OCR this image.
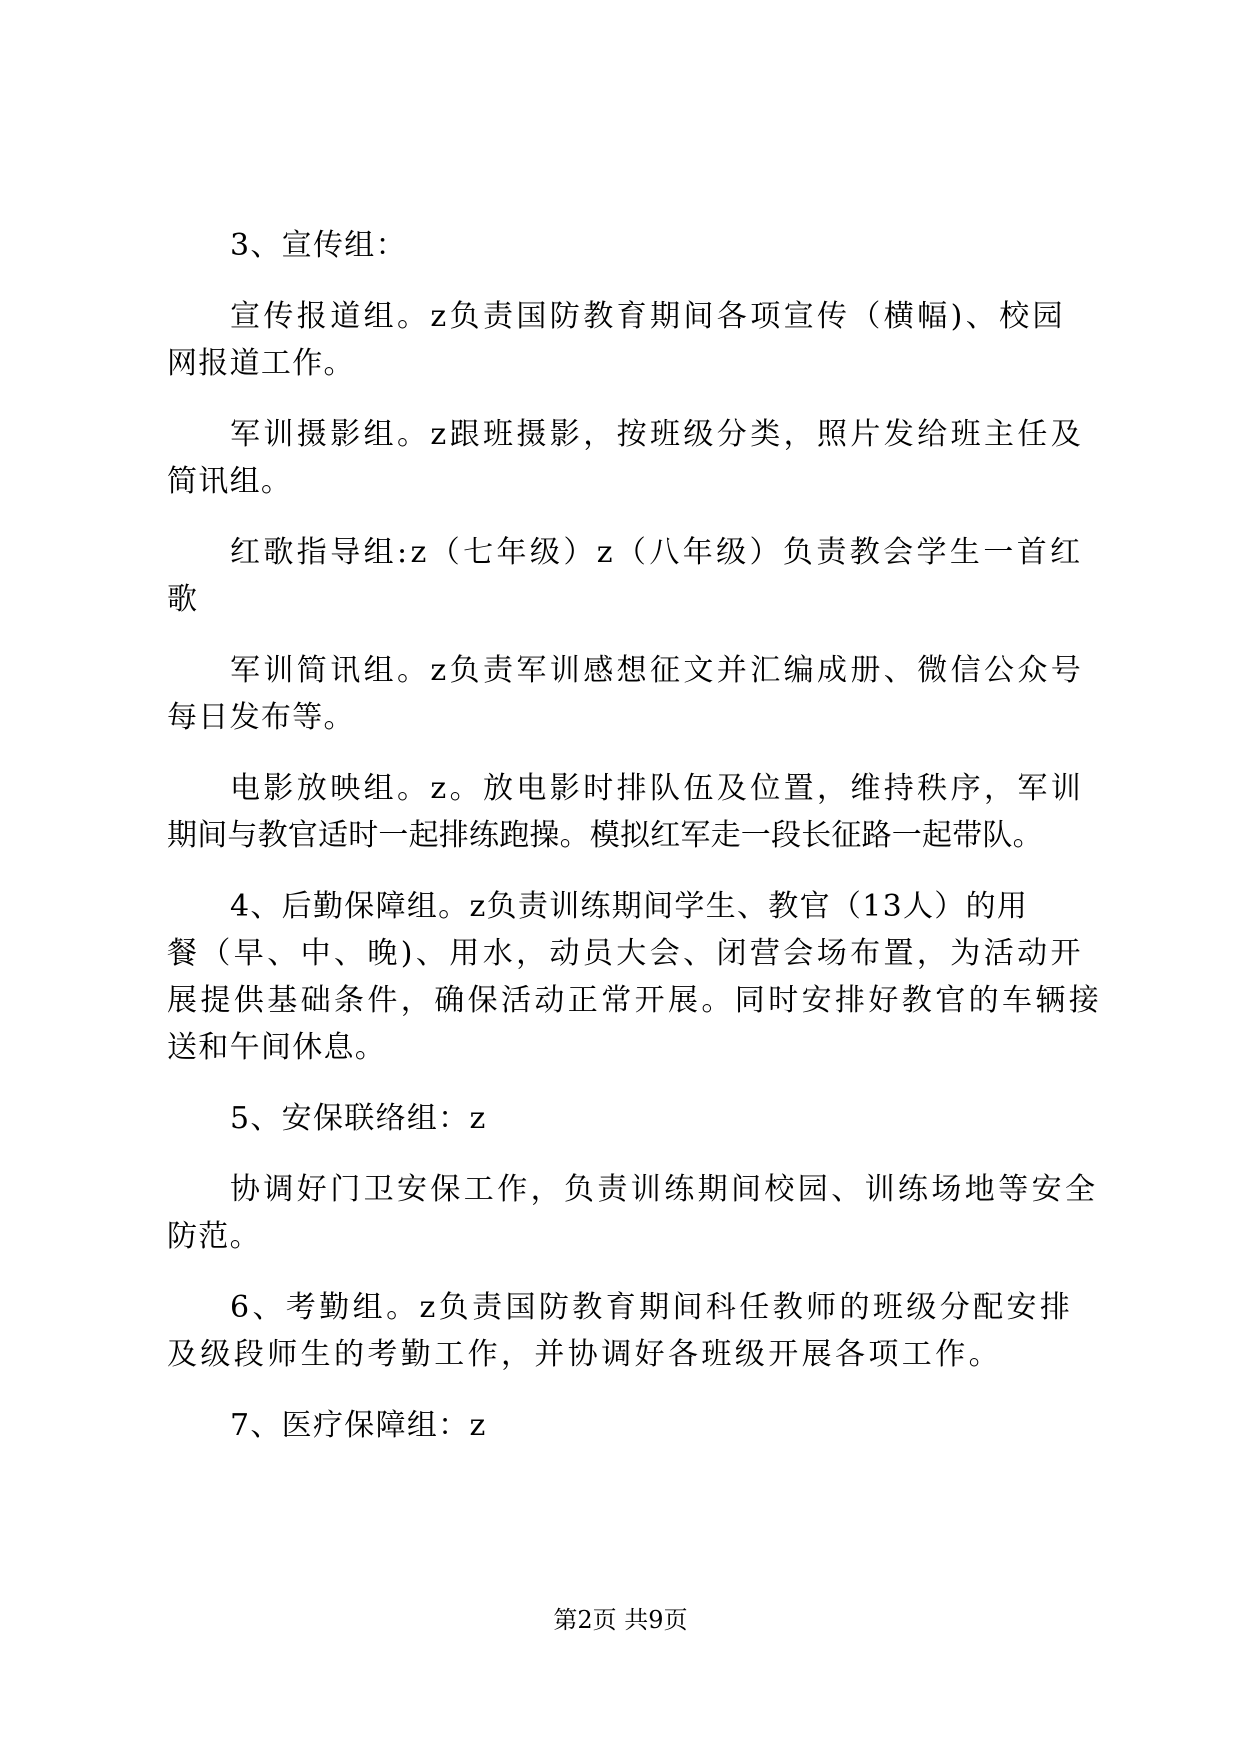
3、宣传组：
宣传报道组。z负责国防教育期间各项宣传（横幅)、校园
网报道工作。
军训摄影组。z跟班摄影，按班级分类，照片发给班主任及
简讯组。
红歌指导组:z（七年级）z（八年级）负责教会学生一首红
歌
军训简讯组。z负责军训感想征文并汇编成册、微信公众号
每日发布等。
电影放映组。z。放电影时排队伍及位置，维持秩序，军训
期间与教官适时一起排练跑操。模拟红军走一段长征路一起带队。
4、后勤保障组。z负责训练期间学生、教官（13人）的用
餐（早、中、晚)、用水，动员大会、闭营会场布置，为活动开
展提供基础条件，确保活动正常开展。同时安排好教官的车辆接
送和午间休息。
5、安保联络组：z
协调好门卫安保工作，负责训练期间校园、训练场地等安全
防范。
6、考勤组。z负责国防教育期间科任教师的班级分配安排
及级段师生的考勤工作，并协调好各班级开展各项工作。
7、医疗保障组：z
第2页 共9页
